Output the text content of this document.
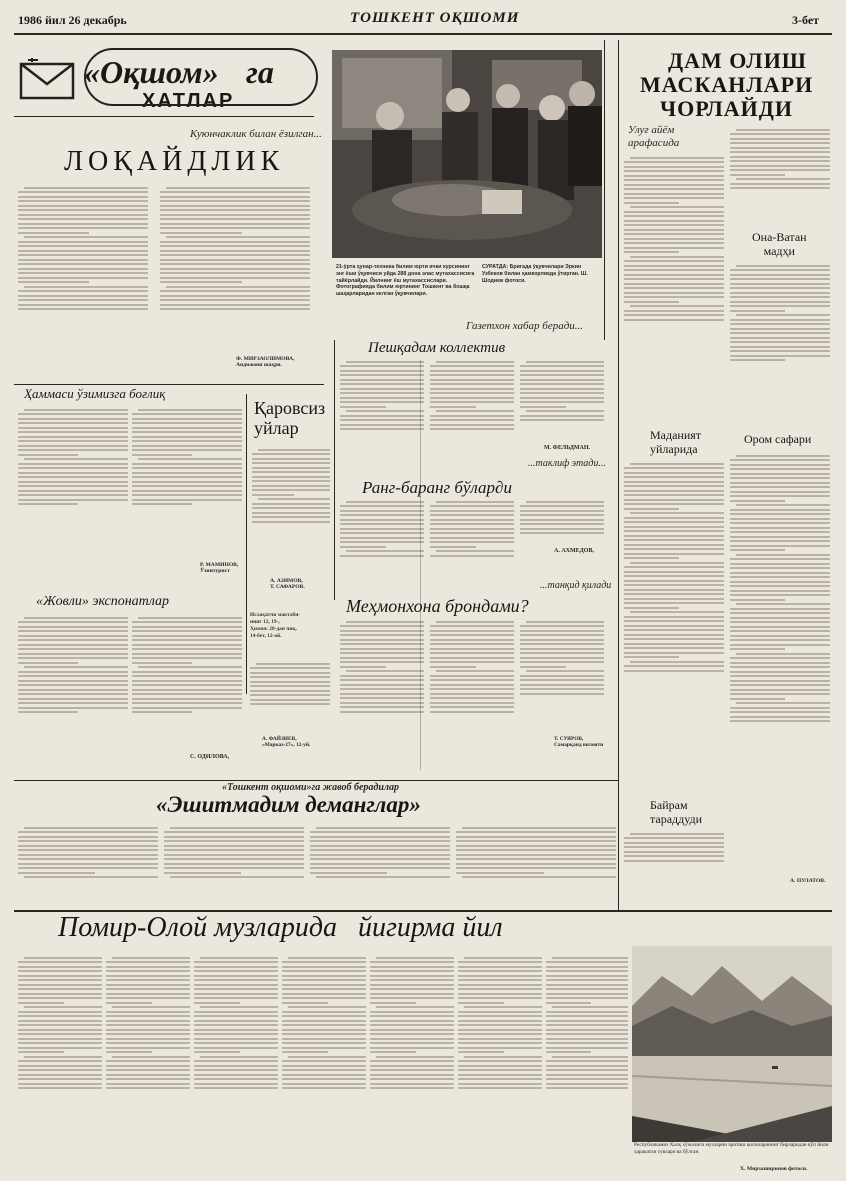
1986 йил 26 декабрь	ТОШКЕНТ ОҚШОМИ	3-бет
«Оқшом» га
ХАТЛАР
Куюнчаклик билан ёзилган...
ЛОҚАЙДЛИК
Ф. МИРЗАОЛИМОВА,
Андижони шаҳри.
21-ўрта ҳунар-техника билим юрти ички курсининг энг ёши ўқувчиси уйда 288 дона элас мутахассисига тайёрлайди. Йилнинг ёш мутахассислари. Фотографияда билим юртининг Тошкент ва бошқа шаҳарларидан келган ўқувчилари.
СУРАТДА: Бригада ўқувчилари Эркин Узбеков билан ҳамкорликда ўтирган. Ш. Шодиев фотоси.
Газетхон хабар беради...
Ҳаммаси ўзимизга боғлиқ
Р. МАМИНОВ,
Ўзинтурист
Қаровсиз
уйлар
А. АЗИМОВ,
Т. САФАРОВ.
«Жовли» экспонатлар
С. ОДИЛОВА,
Ислаҳатчи мактаби-
нинг 12, 19-,
Ҳимоя: 28-дан чиқ.
14-бет, 12-ой.
А. ФАЙЗИЕВ,
«Марказ-27», 12-уй.
Пешқадам коллектив
М. ФЕЛЬДМАН.
...таклиф этади...
Ранг-баранг бўлар∂и
А. АХМЕДОВ,
...танқид қилади
Меҳмонхона брондами?
Т. СУЯРОВ,
Самарқанд вилояти
ДАМ ОЛИШ
МАСКАНЛАРИ
ЧОРЛАЙДИ
Улуғ айём
арафасида
Она-Ватан
мадҳи
Маданият
уйларида
Ором сафари
А. ПУЛАТОВ.
Байрам
тараддуди
«Тошкент оқшоми»га жавоб берадилар
«Эшитмадим деманглар»
Помир-Олой музларида   йигирма йил
Республикамиз Халқ хўжалиги музларни эритиш қисмларининг бирларидан кўп йили ҳаракатли сувлари ва бўлган.
Х. Мирзаширинов фотоси.
